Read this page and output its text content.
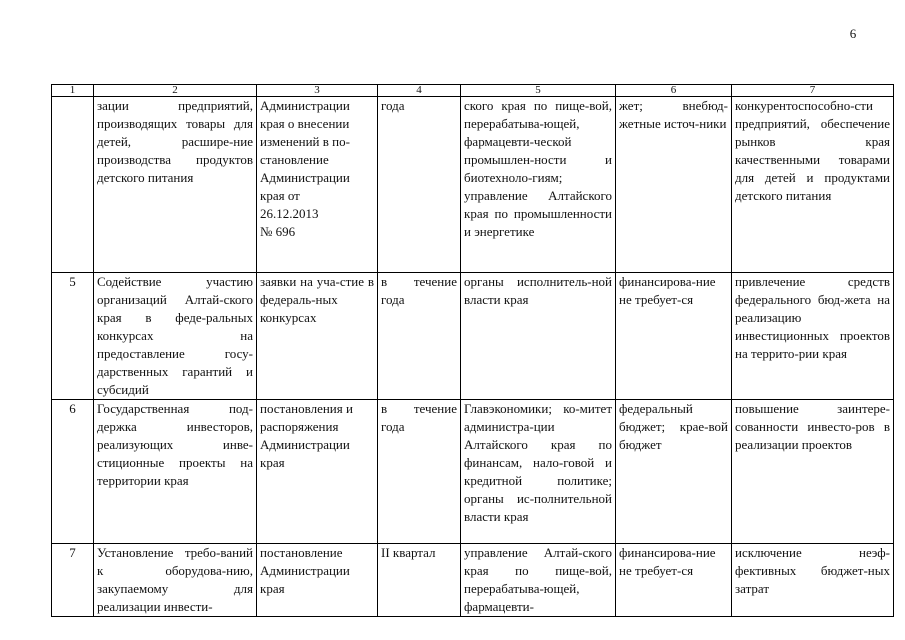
6
1	2	3	4	5	6	7
	зации предприятий, производящих товары для детей, расшире-ние производства продуктов детского питания	Администрации края о внесении изменений в по-становление Администрации края от
26.12.2013
№ 696	года	ского края по пище-вой, перерабатыва-ющей, фармацевти-ческой промышлен-ности и биотехноло-гиям; управление Алтайского края по промышленности и энергетике	жет; внебюд-жетные источ-ники	конкурентоспособно-сти предприятий, обеспечение рынков края качественными товарами для детей и продуктами детского питания
5	Содействие участию организаций Алтай-ского края в феде-ральных конкурсах на предоставление госу-дарственных гарантий и субсидий	заявки на уча-стие в федераль-ных конкурсах	в течение года	органы исполнитель-ной власти края	финансирова-ние не требует-ся	привлечение средств федерального бюд-жета на реализацию инвестиционных проектов на террито-рии края
6	Государственная под-держка инвесторов, реализующих инве-стиционные проекты на территории края	постановления и распоряжения Администрации края	в течение года	Главэкономики; ко-митет администра-ции Алтайского края по финансам, нало-говой и кредитной политике; органы ис-полнительной власти края	федеральный бюджет; крае-вой бюджет	повышение заинтере-сованности инвесто-ров в реализации проектов
7	Установление требо-ваний к оборудова-нию, закупаемому для реализации инвести-	постановление Администрации края	II квартал	управление Алтай-ского края по пище-вой, перерабатыва-ющей, фармацевти-	финансирова-ние не требует-ся	исключение неэф-фективных бюджет-ных затрат
